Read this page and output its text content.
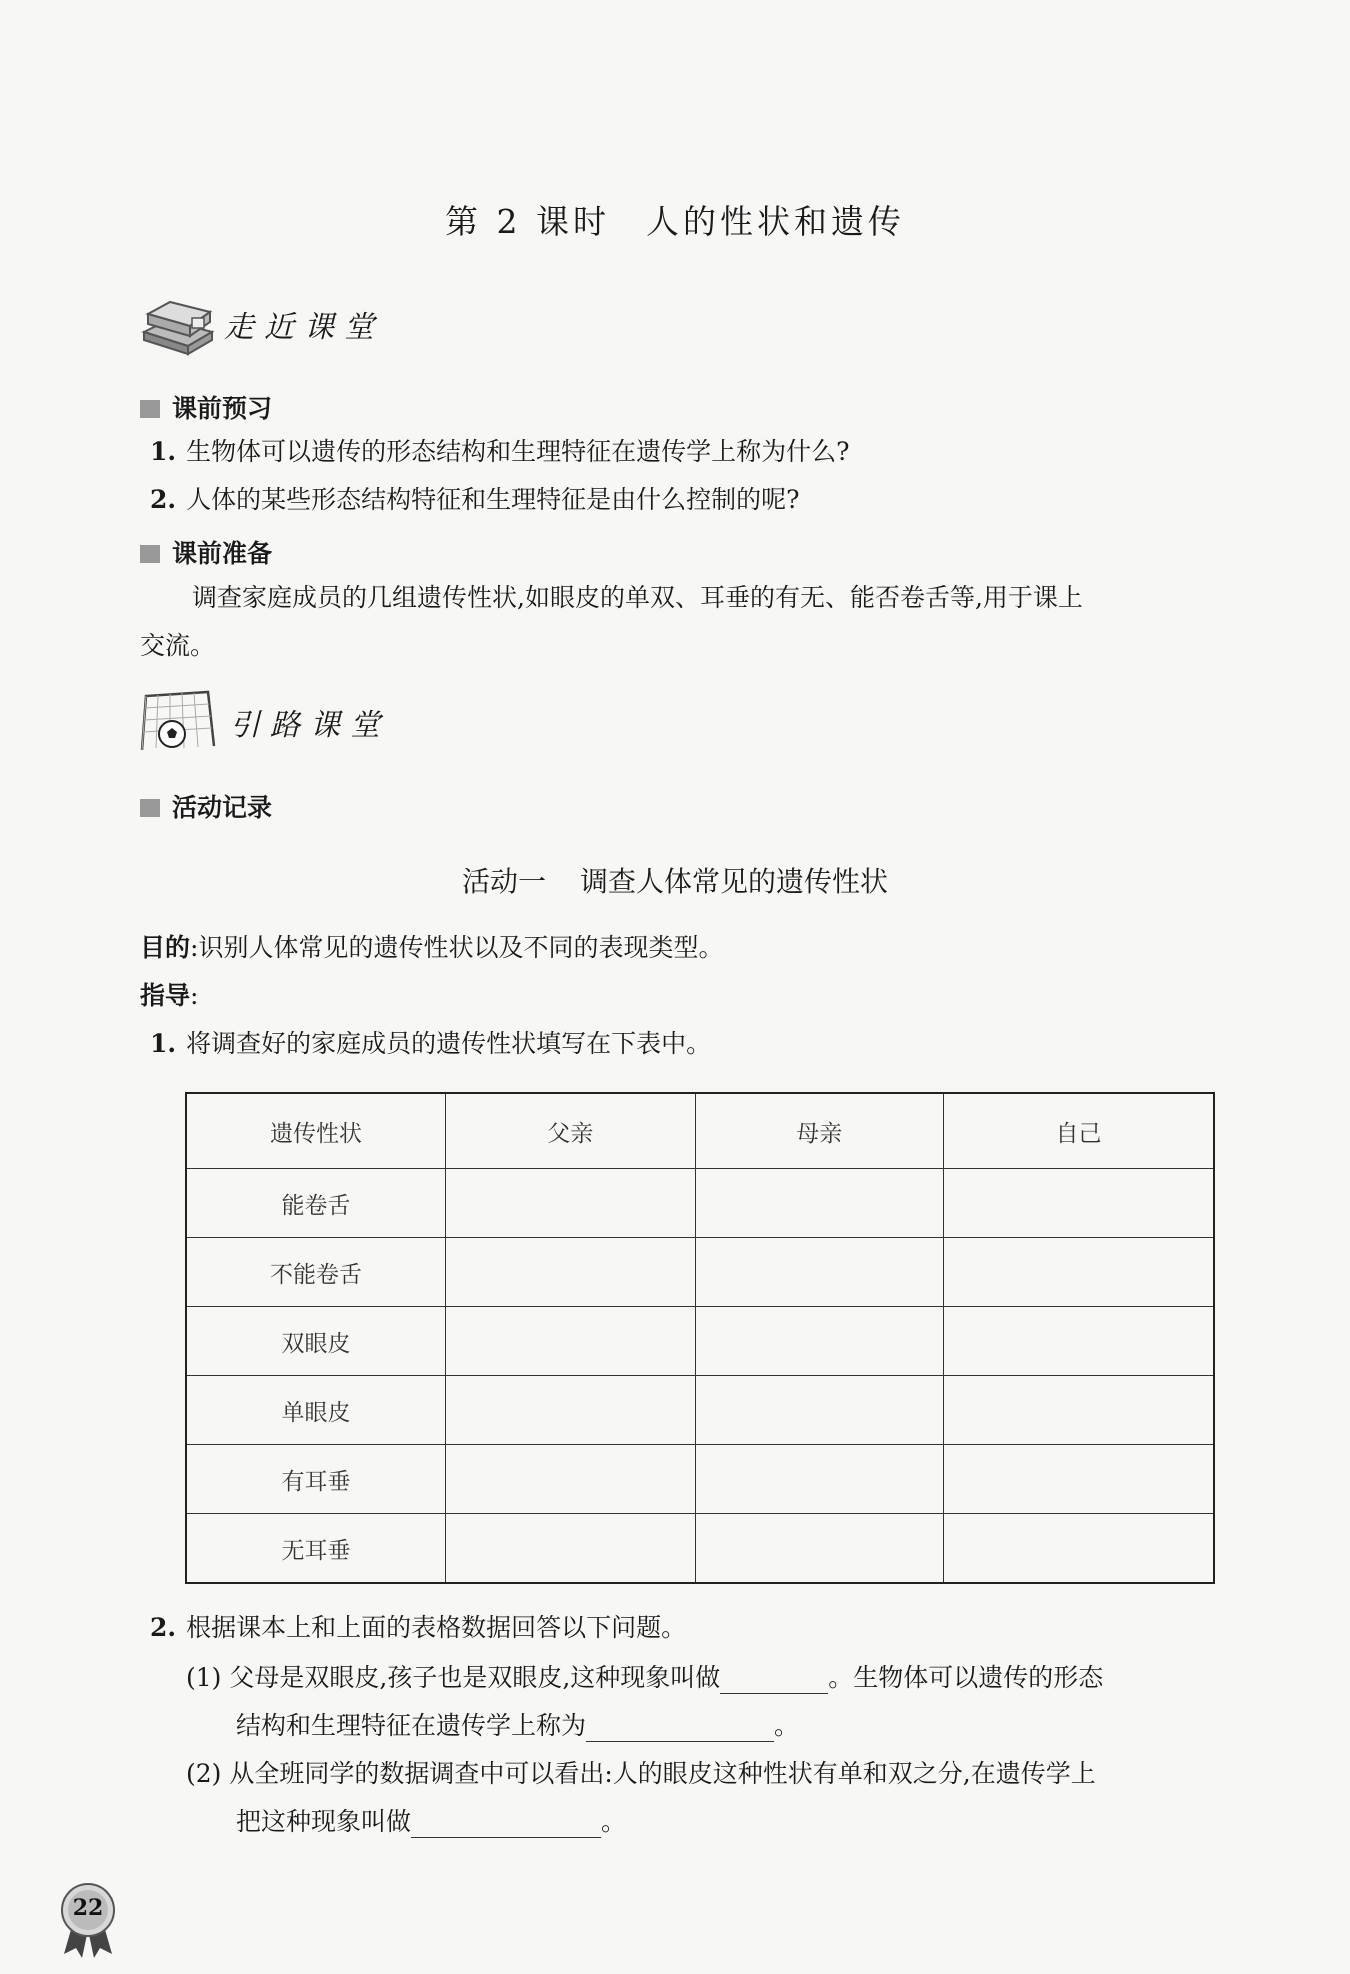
第 2 课时 人的性状和遗传
走近课堂
课前预习
1. 生物体可以遗传的形态结构和生理特征在遗传学上称为什么?
2. 人体的某些形态结构特征和生理特征是由什么控制的呢?
课前准备
调查家庭成员的几组遗传性状,如眼皮的单双、耳垂的有无、能否卷舌等,用于课上
交流。
引路课堂
活动记录
活动一 调查人体常见的遗传性状
目的:识别人体常见的遗传性状以及不同的表现类型。
指导:
1. 将调查好的家庭成员的遗传性状填写在下表中。
遗传性状	父亲	母亲	自己
能卷舌			
不能卷舌			
双眼皮			
单眼皮			
有耳垂			
无耳垂			
2. 根据课本上和上面的表格数据回答以下问题。
(1) 父母是双眼皮,孩子也是双眼皮,这种现象叫做	。生物体可以遗传的形态
结构和生理特征在遗传学上称为	。
(2) 从全班同学的数据调查中可以看出:人的眼皮这种性状有单和双之分,在遗传学上
把这种现象叫做	。
22
